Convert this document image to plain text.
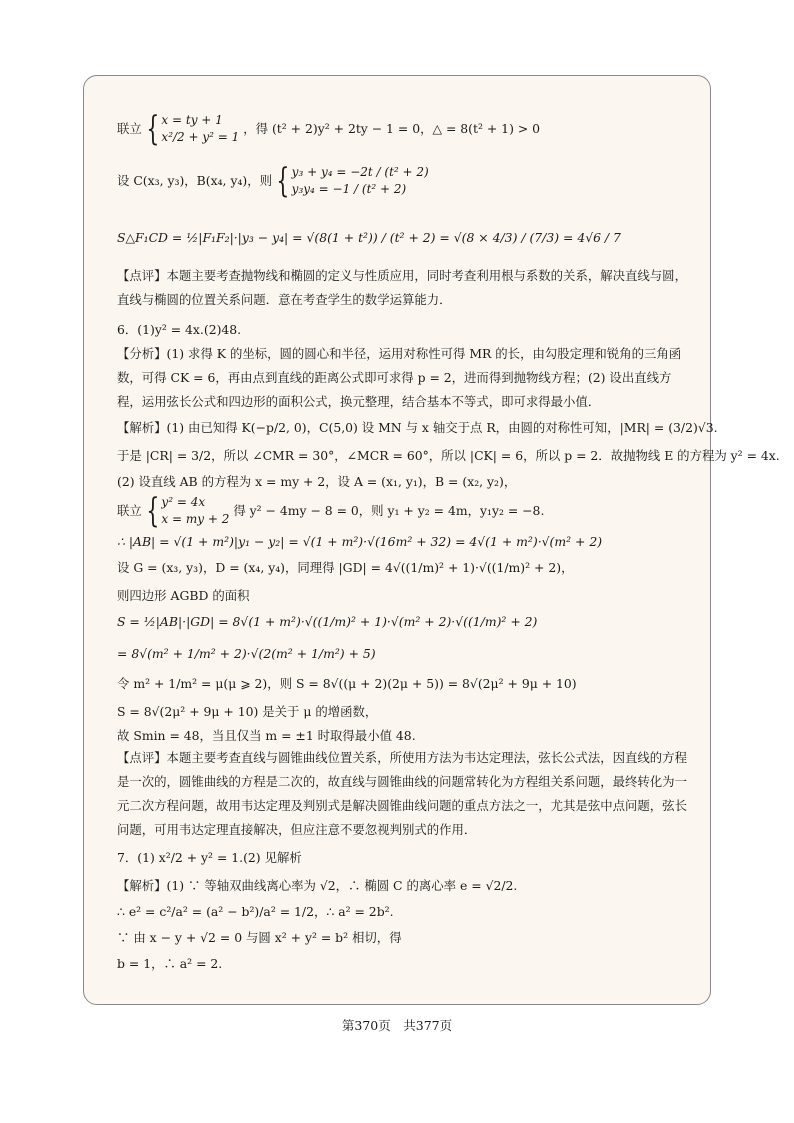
联立 { x = ty + 1
x²/2 + y² = 1
，得 (t² + 2)y² + 2ty − 1 = 0，△ = 8(t² + 1) > 0
设 C(x₃, y₃)，B(x₄, y₄)，则 { y₃ + y₄ = −2t / (t² + 2)
y₃y₄ = −1 / (t² + 2)
S△F₁CD = ½|F₁F₂|·|y₃ − y₄| = √(8(1 + t²)) / (t² + 2) = √(8 × 4/3) / (7/3) = 4√6 / 7
【点评】本题主要考查抛物线和椭圆的定义与性质应用，同时考查利用根与系数的关系，解决直线与圆，直线与椭圆的位置关系问题．意在考查学生的数学运算能力．
6．(1)y² = 4x.(2)48.
【分析】(1) 求得 K 的坐标，圆的圆心和半径，运用对称性可得 MR 的长，由勾股定理和锐角的三角函数，可得 CK = 6，再由点到直线的距离公式即可求得 p = 2，进而得到抛物线方程；(2) 设出直线方程，运用弦长公式和四边形的面积公式，换元整理，结合基本不等式，即可求得最小值．
【解析】(1) 由已知得 K(−p/2, 0)，C(5,0) 设 MN 与 x 轴交于点 R，由圆的对称性可知，|MR| = (3/2)√3.
于是 |CR| = 3/2，所以 ∠CMR = 30°，∠MCR = 60°，所以 |CK| = 6，所以 p = 2．故抛物线 E 的方程为 y² = 4x.
(2) 设直线 AB 的方程为 x = my + 2，设 A = (x₁, y₁)，B = (x₂, y₂)，
联立 { y² = 4x
x = my + 2
得 y² − 4my − 8 = 0，则 y₁ + y₂ = 4m，y₁y₂ = −8.
∴ |AB| = √(1 + m²)|y₁ − y₂| = √(1 + m²)·√(16m² + 32) = 4√(1 + m²)·√(m² + 2)
设 G = (x₃, y₃)，D = (x₄, y₄)，同理得 |GD| = 4√((1/m)² + 1)·√((1/m)² + 2)，
则四边形 AGBD 的面积
S = ½|AB|·|GD| = 8√(1 + m²)·√((1/m)² + 1)·√(m² + 2)·√((1/m)² + 2)
= 8√(m² + 1/m² + 2)·√(2(m² + 1/m²) + 5)
令 m² + 1/m² = μ(μ ⩾ 2)，则 S = 8√((μ + 2)(2μ + 5)) = 8√(2μ² + 9μ + 10)
S = 8√(2μ² + 9μ + 10) 是关于 μ 的增函数，
故 Smin = 48，当且仅当 m = ±1 时取得最小值 48.
【点评】本题主要考查直线与圆锥曲线位置关系，所使用方法为韦达定理法，弦长公式法，因直线的方程是一次的，圆锥曲线的方程是二次的，故直线与圆锥曲线的问题常转化为方程组关系问题，最终转化为一元二次方程问题，故用韦达定理及判别式是解决圆锥曲线问题的重点方法之一，尤其是弦中点问题，弦长问题，可用韦达定理直接解决，但应注意不要忽视判别式的作用．
7．(1) x²/2 + y² = 1.(2) 见解析
【解析】(1) ∵ 等轴双曲线离心率为 √2，∴ 椭圆 C 的离心率 e = √2/2.
∴ e² = c²/a² = (a² − b²)/a² = 1/2，∴ a² = 2b².
∵ 由 x − y + √2 = 0 与圆 x² + y² = b² 相切，得
b = 1，∴ a² = 2.
第370页　共377页
